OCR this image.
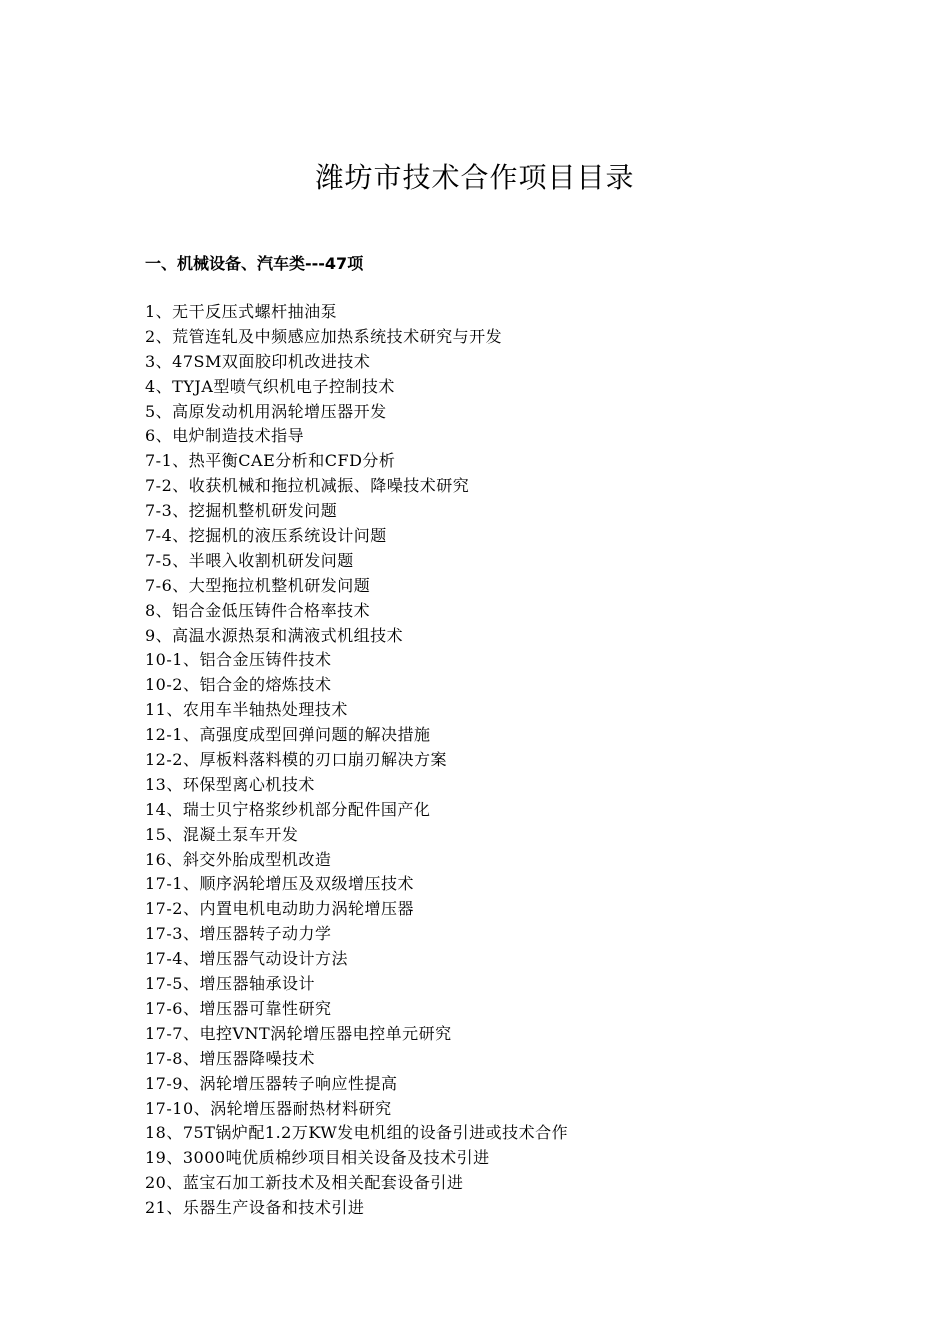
潍坊市技术合作项目目录
一、机械设备、汽车类---47项
1、无干反压式螺杆抽油泵
2、荒管连轧及中频感应加热系统技术研究与开发
3、47SM双面胶印机改进技术
4、TYJA型喷气织机电子控制技术
5、高原发动机用涡轮增压器开发
6、电炉制造技术指导
7-1、热平衡CAE分析和CFD分析
7-2、收获机械和拖拉机减振、降噪技术研究
7-3、挖掘机整机研发问题
7-4、挖掘机的液压系统设计问题
7-5、半喂入收割机研发问题
7-6、大型拖拉机整机研发问题
8、铝合金低压铸件合格率技术
9、高温水源热泵和满液式机组技术
10-1、铝合金压铸件技术
10-2、铝合金的熔炼技术
11、农用车半轴热处理技术
12-1、高强度成型回弹问题的解决措施
12-2、厚板料落料模的刃口崩刃解决方案
13、环保型离心机技术
14、瑞士贝宁格浆纱机部分配件国产化
15、混凝土泵车开发
16、斜交外胎成型机改造
17-1、顺序涡轮增压及双级增压技术
17-2、内置电机电动助力涡轮增压器
17-3、增压器转子动力学
17-4、增压器气动设计方法
17-5、增压器轴承设计
17-6、增压器可靠性研究
17-7、电控VNT涡轮增压器电控单元研究
17-8、增压器降噪技术
17-9、涡轮增压器转子响应性提高
17-10、涡轮增压器耐热材料研究
18、75T锅炉配1.2万KW发电机组的设备引进或技术合作
19、3000吨优质棉纱项目相关设备及技术引进
20、蓝宝石加工新技术及相关配套设备引进
21、乐器生产设备和技术引进
